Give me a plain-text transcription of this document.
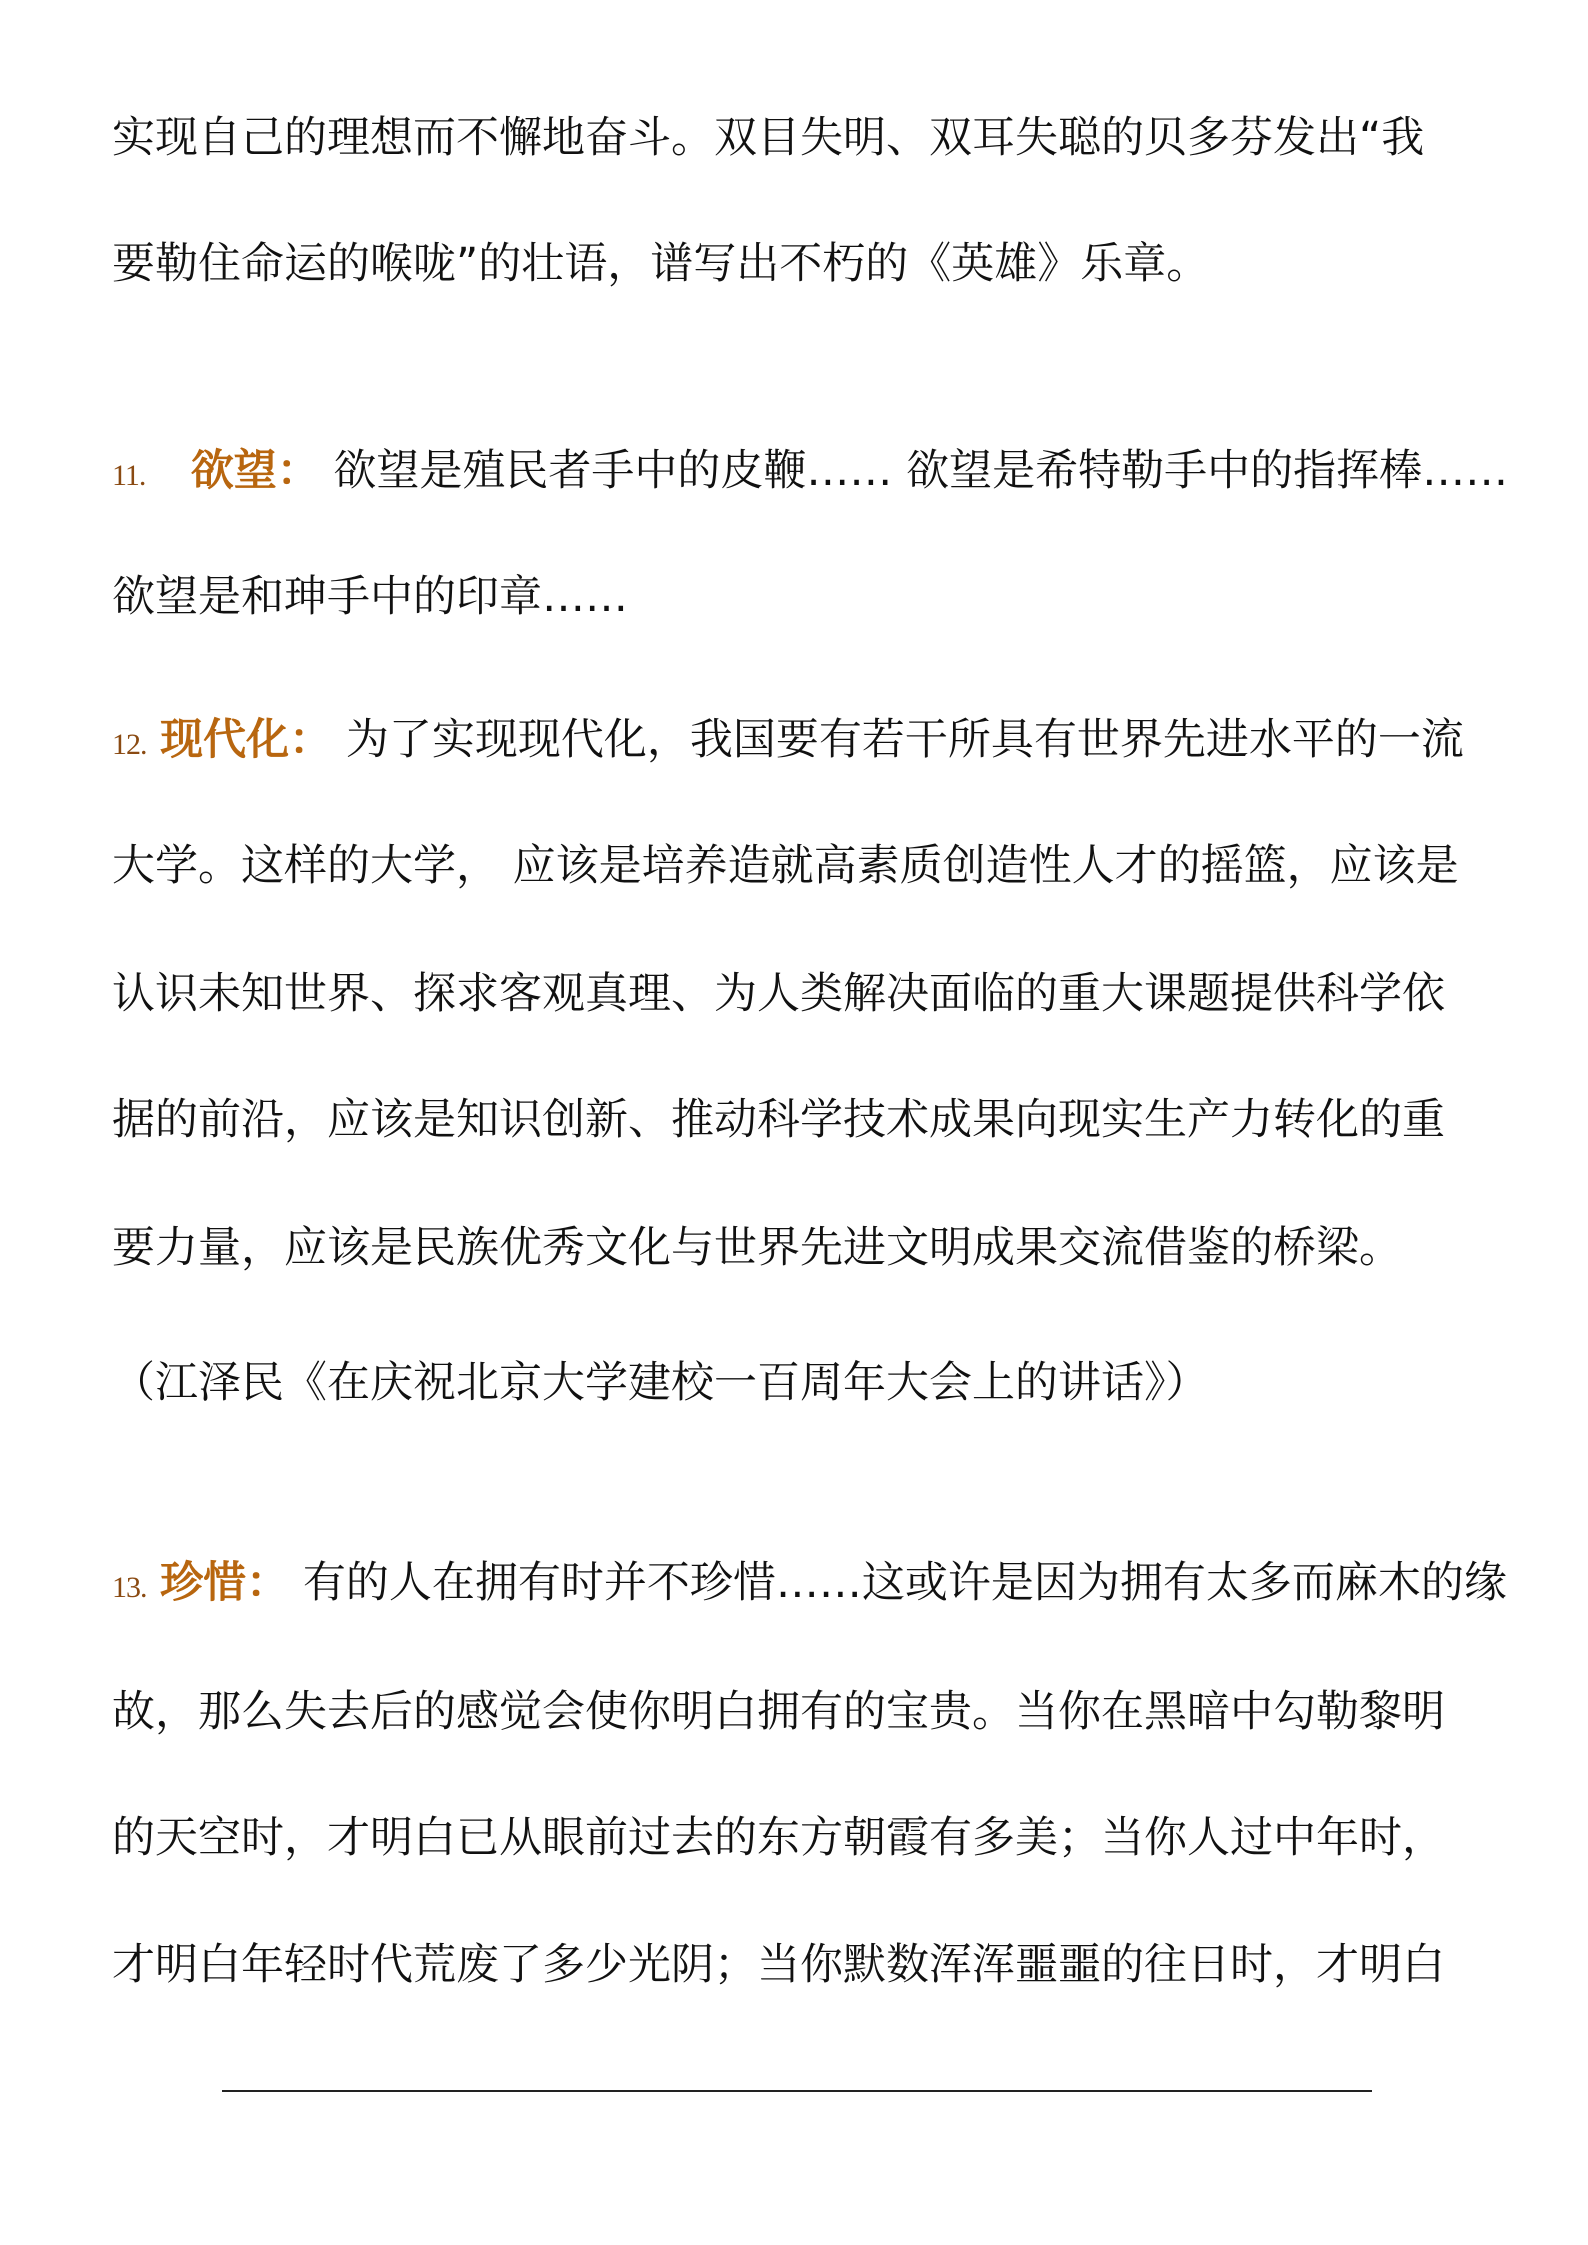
实现自己的理想而不懈地奋斗。双目失明、双耳失聪的贝多芬发出“我
要勒住命运的喉咙”的壮语，谱写出不朽的《英雄》乐章。
11. 欲望： 欲望是殖民者手中的皮鞭…… 欲望是希特勒手中的指挥棒……
欲望是和珅手中的印章……
12. 现代化： 为了实现现代化，我国要有若干所具有世界先进水平的一流
大学。这样的大学， 应该是培养造就高素质创造性人才的摇篮，应该是
认识未知世界、探求客观真理、为人类解决面临的重大课题提供科学依
据的前沿，应该是知识创新、推动科学技术成果向现实生产力转化的重
要力量，应该是民族优秀文化与世界先进文明成果交流借鉴的桥梁。
（江泽民《在庆祝北京大学建校一百周年大会上的讲话》）
13. 珍惜： 有的人在拥有时并不珍惜……这或许是因为拥有太多而麻木的缘
故，那么失去后的感觉会使你明白拥有的宝贵。当你在黑暗中勾勒黎明
的天空时，才明白已从眼前过去的东方朝霞有多美；当你人过中年时，
才明白年轻时代荒废了多少光阴；当你默数浑浑噩噩的往日时，才明白
